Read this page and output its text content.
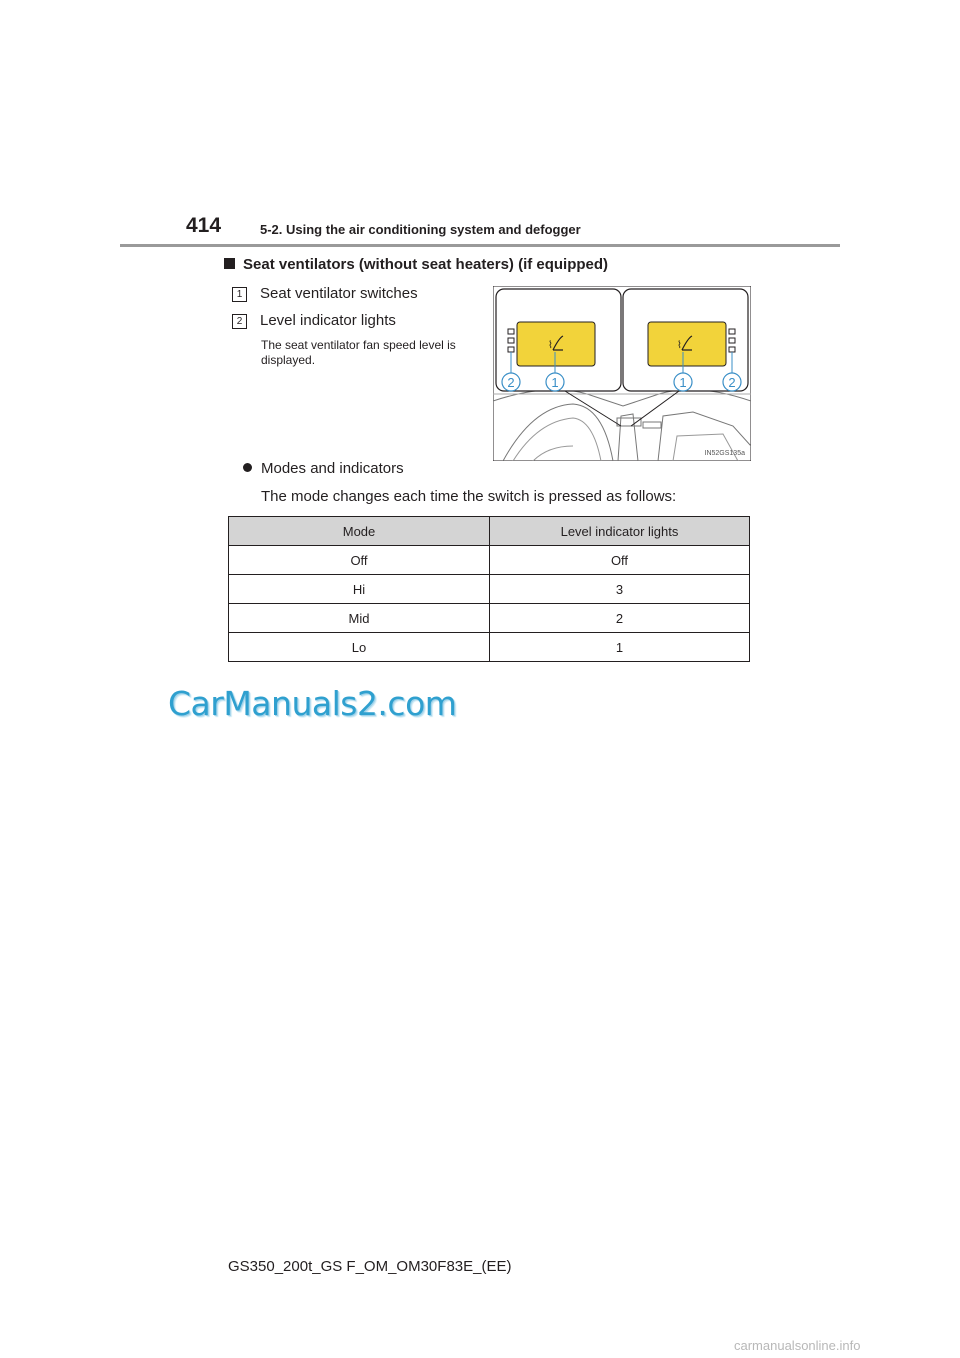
414	5-2. Using the air conditioning system and defogger
Seat ventilators (without seat heaters) (if equipped)
1 Seat ventilator switches
2 Level indicator lights
The seat ventilator fan speed level is displayed.
⌇	⌇
2	1	1	2
IN52GS135a
Modes and indicators
The mode changes each time the switch is pressed as follows:
Mode	Level indicator lights
Off	Off
Hi	3
Mid	2
Lo	1
CarManuals2.com
GS350_200t_GS F_OM_OM30F83E_(EE)
carmanualsonline.info
